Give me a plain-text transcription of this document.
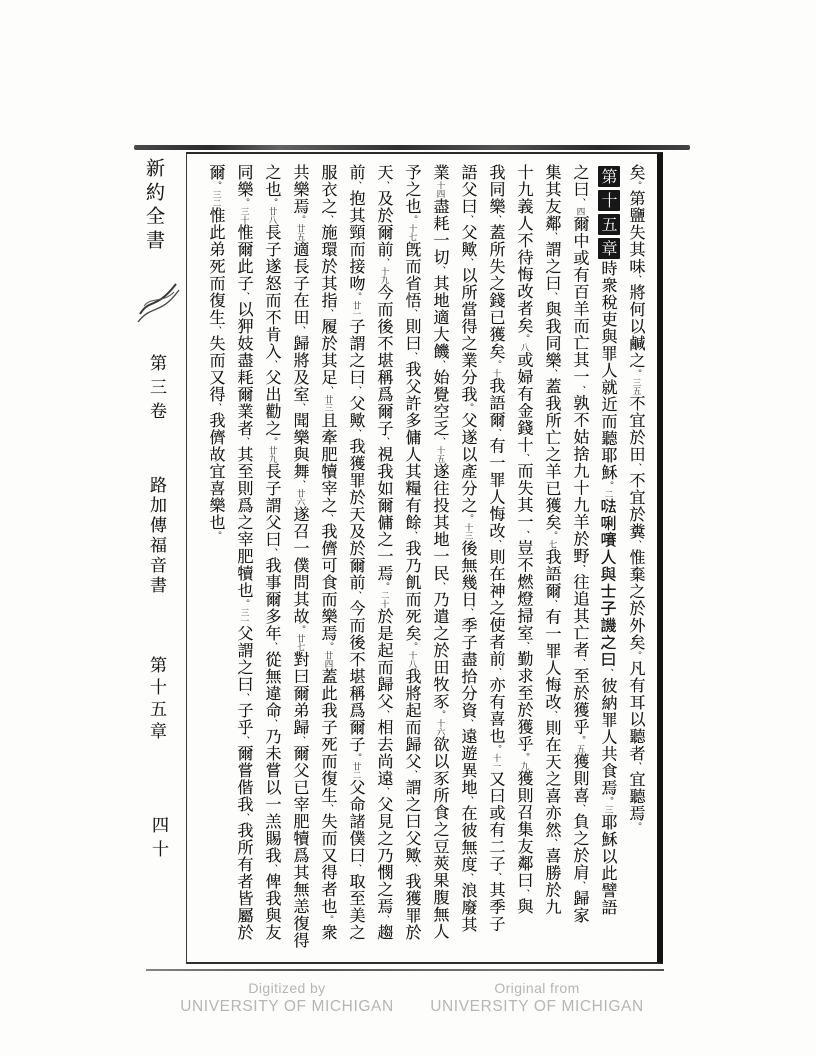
矣。第鹽失其味、將何以鹹之。三五不宜於田、不宜於糞、惟棄之於外矣。凡有耳以聽者、宜聽焉。
第十五章時衆稅吏與罪人就近而聽耶穌。二𠵽唎㘔人與士子譏之曰、彼納罪人共食焉。三耶穌以此譬語
之曰、四爾中或有百羊而亡其一、孰不姑捨九十九羊於野、往追其亡者、至於獲乎。五獲則喜、負之於肩、歸家
集其友鄰、謂之曰、與我同樂、蓋我所亡之羊已獲矣。七我語爾、有一罪人悔改、則在天之喜亦然、喜勝於九
十九義人不待悔改者矣。八或婦有金錢十、而失其一、豈不燃燈掃室、勤求至於獲乎。九獲則召集友鄰曰、與
我同樂、蓋所失之錢已獲矣。十我語爾、有一罪人悔改、則在神之使者前、亦有喜也。十一又曰或有二子、其季子
語父曰、父歟、以所當得之業分我。父遂以產分之。十三後無幾日、季子盡拾分資、遠遊異地、在彼無度、浪廢其
業十四盡耗一切、其地適大饑、始覺空乏、十五遂往投其地一民、乃遣之於田牧豕。十六欲以豕所食之豆莢果腹無人
予之也。十七旣而省悟、則曰、我父許多傭人其糧有餘、我乃飢而死矣。十八我將起而歸父、謂之曰父歟、我獲罪於
天、及於爾前、十九今而後不堪稱爲爾子、視我如爾傭之一焉。二十於是起而歸父、相去尚遠、父見之乃憫之焉、趨
前、抱其頸而接吻。廿一子謂之曰、父歟、我獲罪於天及於爾前、今而後不堪稱爲爾子。廿二父命諸僕曰、取至美之
服衣之、施環於其指、履於其足、廿三且牽肥犢宰之、我儕可食而樂焉。廿四蓋此我子死而復生、失而又得者也。衆
共樂焉。廿五適長子在田、歸將及室、聞樂與舞、廿六遂召一僕問其故。廿七對曰爾弟歸、爾父已宰肥犢爲其無恙復得
之也。廿八長子遂怒而不肯入、父出勸之。廿九長子謂父曰、我事爾多年、從無違命、乃未嘗以一羔賜我、俾我與友
同樂。三十惟爾此子、以狎妓盡耗爾業者、其至則爲之宰肥犢也。三一父謂之曰、子乎、爾嘗偕我、我所有者皆屬於
爾。三二惟此弟死而復生、失而又得、我儕故宜喜樂也。
新約全書
第三卷
路加傳福音書
第十五章
四十
Digitized by
UNIVERSITY OF MICHIGAN
Original from
UNIVERSITY OF MICHIGAN
